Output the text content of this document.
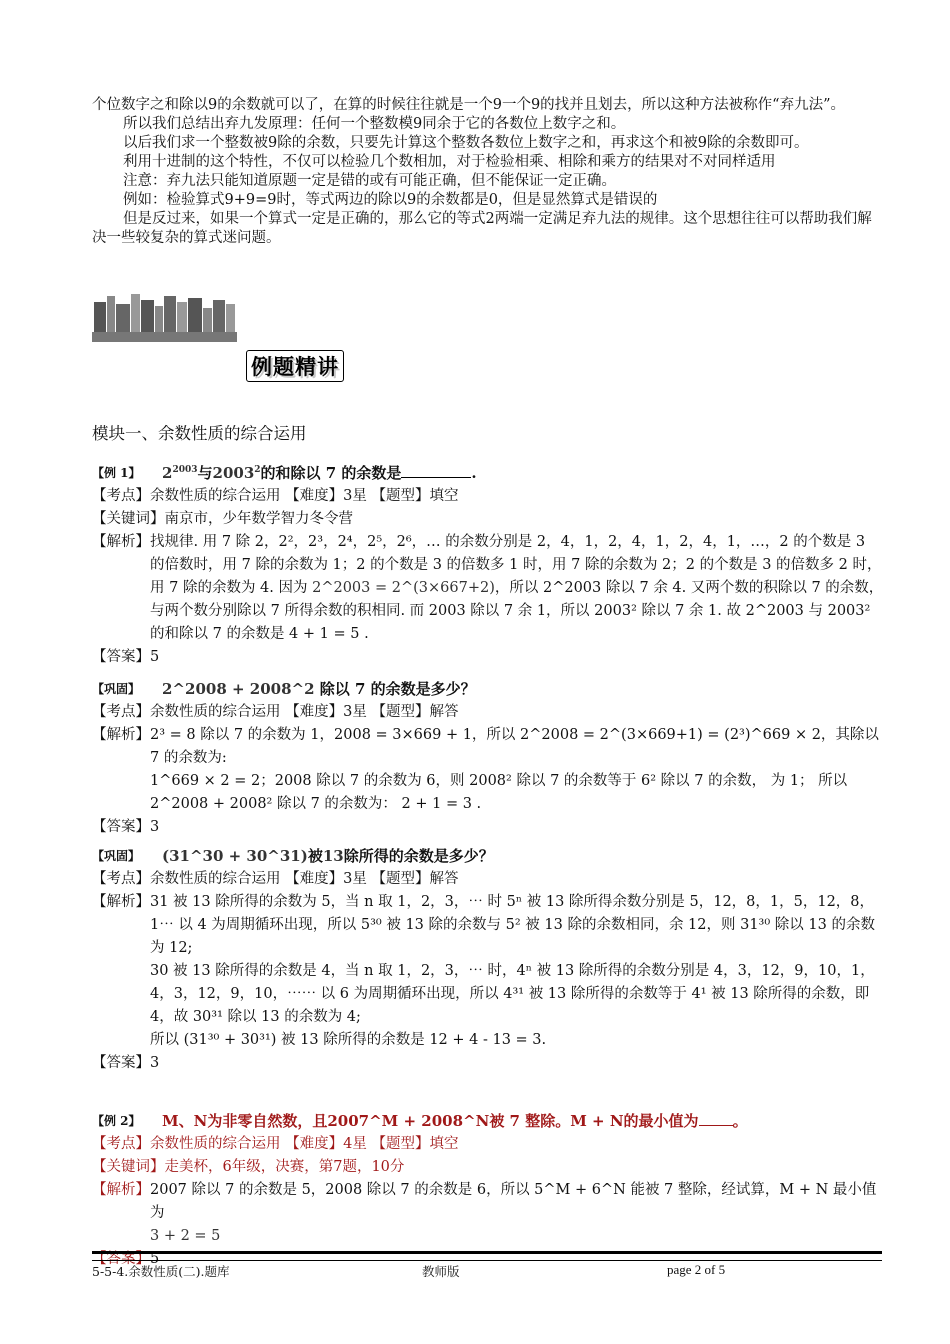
个位数字之和除以9的余数就可以了，在算的时候往往就是一个9一个9的找并且划去，所以这种方法被称作“弃九法”。

所以我们总结出弃九发原理：任何一个整数模9同余于它的各数位上数字之和。

以后我们求一个整数被9除的余数，只要先计算这个整数各数位上数字之和，再求这个和被9除的余数即可。

利用十进制的这个特性，不仅可以检验几个数相加，对于检验相乘、相除和乘方的结果对不对同样适用

注意：弃九法只能知道原题一定是错的或有可能正确，但不能保证一定正确。

例如：检验算式9+9=9时，等式两边的除以9的余数都是0，但是显然算式是错误的

但是反过来，如果一个算式一定是正确的，那么它的等式2两端一定满足弃九法的规律。这个思想往往可以帮助我们解决一些较复杂的算式迷问题。

例题精讲
模块一、余数性质的综合运用
【例 1】	$2^{2003}$与2003$^2$的和除以 7 的余数是	.
【考点】 余数性质的综合运用 【难度】3星 【题型】填空
【关键词】 南京市，少年数学智力冬令营
【解析】 找规律. 用 7 除 2，2²，2³，2⁴，2⁵，2⁶，… 的余数分别是 2，4，1，2，4，1，2，4，1，…，2 的个数是 3 的倍数时，用 7 除的余数为 1；2 的个数是 3 的倍数多 1 时，用 7 除的余数为 2；2 的个数是 3 的倍数多 2 时，用 7 除的余数为 4. 因为 2^2003 = 2^(3×667+2)，所以 2^2003 除以 7 余 4. 又两个数的积除以 7 的余数，与两个数分别除以 7 所得余数的积相同. 而 2003 除以 7 余 1，所以 2003² 除以 7 余 1. 故 2^2003 与 2003² 的和除以 7 的余数是 4 + 1 = 5 .
【答案】 5
【巩固】	2^2008 + 2008^2 除以 7 的余数是多少？
【考点】 余数性质的综合运用 【难度】3星 【题型】解答
【解析】 2³ = 8 除以 7 的余数为 1，2008 = 3×669 + 1，所以 2^2008 = 2^(3×669+1) = (2³)^669 × 2，其除以 7 的余数为:
1^669 × 2 = 2；2008 除以 7 的余数为 6，则 2008² 除以 7 的余数等于 6² 除以 7 的余数， 为 1； 所以
2^2008 + 2008² 除以 7 的余数为： 2 + 1 = 3 .
【答案】 3
【巩固】	(31^30 + 30^31)被13除所得的余数是多少？
【考点】 余数性质的综合运用 【难度】3星 【题型】解答
【解析】 31 被 13 除所得的余数为 5，当 n 取 1，2，3，⋯ 时 5ⁿ 被 13 除所得余数分别是 5，12，8，1，5，12，8，1⋯ 以 4 为周期循环出现，所以 5³⁰ 被 13 除的余数与 5² 被 13 除的余数相同，余 12，则 31³⁰ 除以 13 的余数为 12;
30 被 13 除所得的余数是 4，当 n 取 1，2，3，⋯ 时，4ⁿ 被 13 除所得的余数分别是 4，3，12，9，10，1，4，3，12，9，10，⋯⋯ 以 6 为周期循环出现，所以 4³¹ 被 13 除所得的余数等于 4¹ 被 13 除所得的余数，即 4，故 30³¹ 除以 13 的余数为 4;
所以 (31³⁰ + 30³¹) 被 13 除所得的余数是 12 + 4 - 13 = 3.
【答案】 3
【例 2】	M、N为非零自然数，且2007^M + 2008^N被 7 整除。M + N的最小值为 。
【考点】 余数性质的综合运用 【难度】4星 【题型】填空
【关键词】 走美杯，6年级，决赛，第7题，10分
【解析】 2007 除以 7 的余数是 5，2008 除以 7 的余数是 6，所以 5^M + 6^N 能被 7 整除，经试算，M + N 最小值为
3 + 2 = 5
【答案】 5
5-5-4.余数性质(二).题库	教师版	page 2 of 5
